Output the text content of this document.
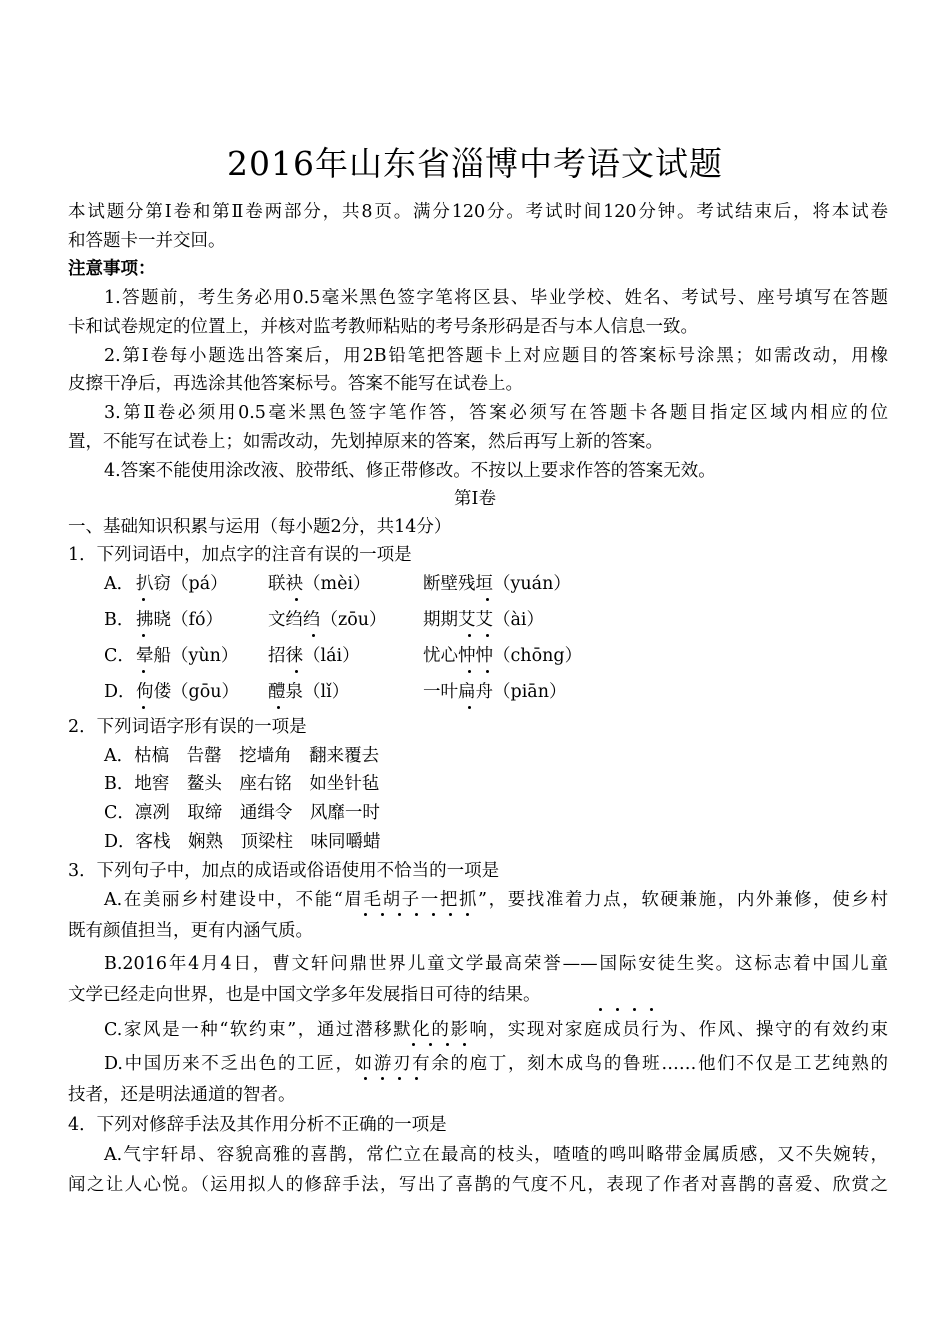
2016年山东省淄博中考语文试题
本试题分第Ⅰ卷和第Ⅱ卷两部分，共8页。满分120分。考试时间120分钟。考试结束后，将本试卷
和答题卡一并交回。
注意事项：
1.答题前，考生务必用0.5毫米黑色签字笔将区县、毕业学校、姓名、考试号、座号填写在答题
卡和试卷规定的位置上，并核对监考教师粘贴的考号条形码是否与本人信息一致。
2.第Ⅰ卷每小题选出答案后，用2B铅笔把答题卡上对应题目的答案标号涂黑；如需改动，用橡
皮擦干净后，再选涂其他答案标号。答案不能写在试卷上。
3.第Ⅱ卷必须用0.5毫米黑色签字笔作答，答案必须写在答题卡各题目指定区域内相应的位
置，不能写在试卷上；如需改动，先划掉原来的答案，然后再写上新的答案。
4.答案不能使用涂改液、胶带纸、修正带修改。不按以上要求作答的答案无效。
第Ⅰ卷
一、基础知识积累与运用（每小题2分，共14分）
1．下列词语中，加点字的注音有误的一项是
A． 扒窃（pá） 联袂（mèi）	断壁残垣（yuán）
B． 拂晓（fó）	文绉绉（zōu） 期期艾艾（ài）
C． 晕船（yùn） 招徕（lái）	忧心忡忡（chōng）
D． 佝偻（gōu） 醴泉（lǐ）	一叶扁舟（piān）
2．下列词语字形有误的一项是
A．枯槁　告罄　挖墙角　翻来覆去
B．地窖　鳌头　座右铭　如坐针毡
C．凛冽　取缔　通缉令　风靡一时
D．客栈　娴熟　顶梁柱　味同嚼蜡
3．下列句子中，加点的成语或俗语使用不恰当的一项是
A.在美丽乡村建设中，不能“眉毛胡子一把抓”，要找准着力点，软硬兼施，内外兼修，使乡村
既有颜值担当，更有内涵气质。
B.2016年4月4日，曹文轩问鼎世界儿童文学最高荣誉——国际安徒生奖。这标志着中国儿童
文学已经走向世界，也是中国文学多年发展指日可待的结果。
C.家风是一种“软约束”，通过潜移默化的影响，实现对家庭成员行为、作风、操守的有效约束
D.中国历来不乏出色的工匠，如游刃有余的庖丁，刻木成鸟的鲁班……他们不仅是工艺纯熟的
技者，还是明法通道的智者。
4．下列对修辞手法及其作用分析不正确的一项是
A.气宇轩昂、容貌高雅的喜鹊，常伫立在最高的枝头，喳喳的鸣叫略带金属质感，又不失婉转，
闻之让人心悦。（运用拟人的修辞手法，写出了喜鹊的气度不凡，表现了作者对喜鹊的喜爱、欣赏之
